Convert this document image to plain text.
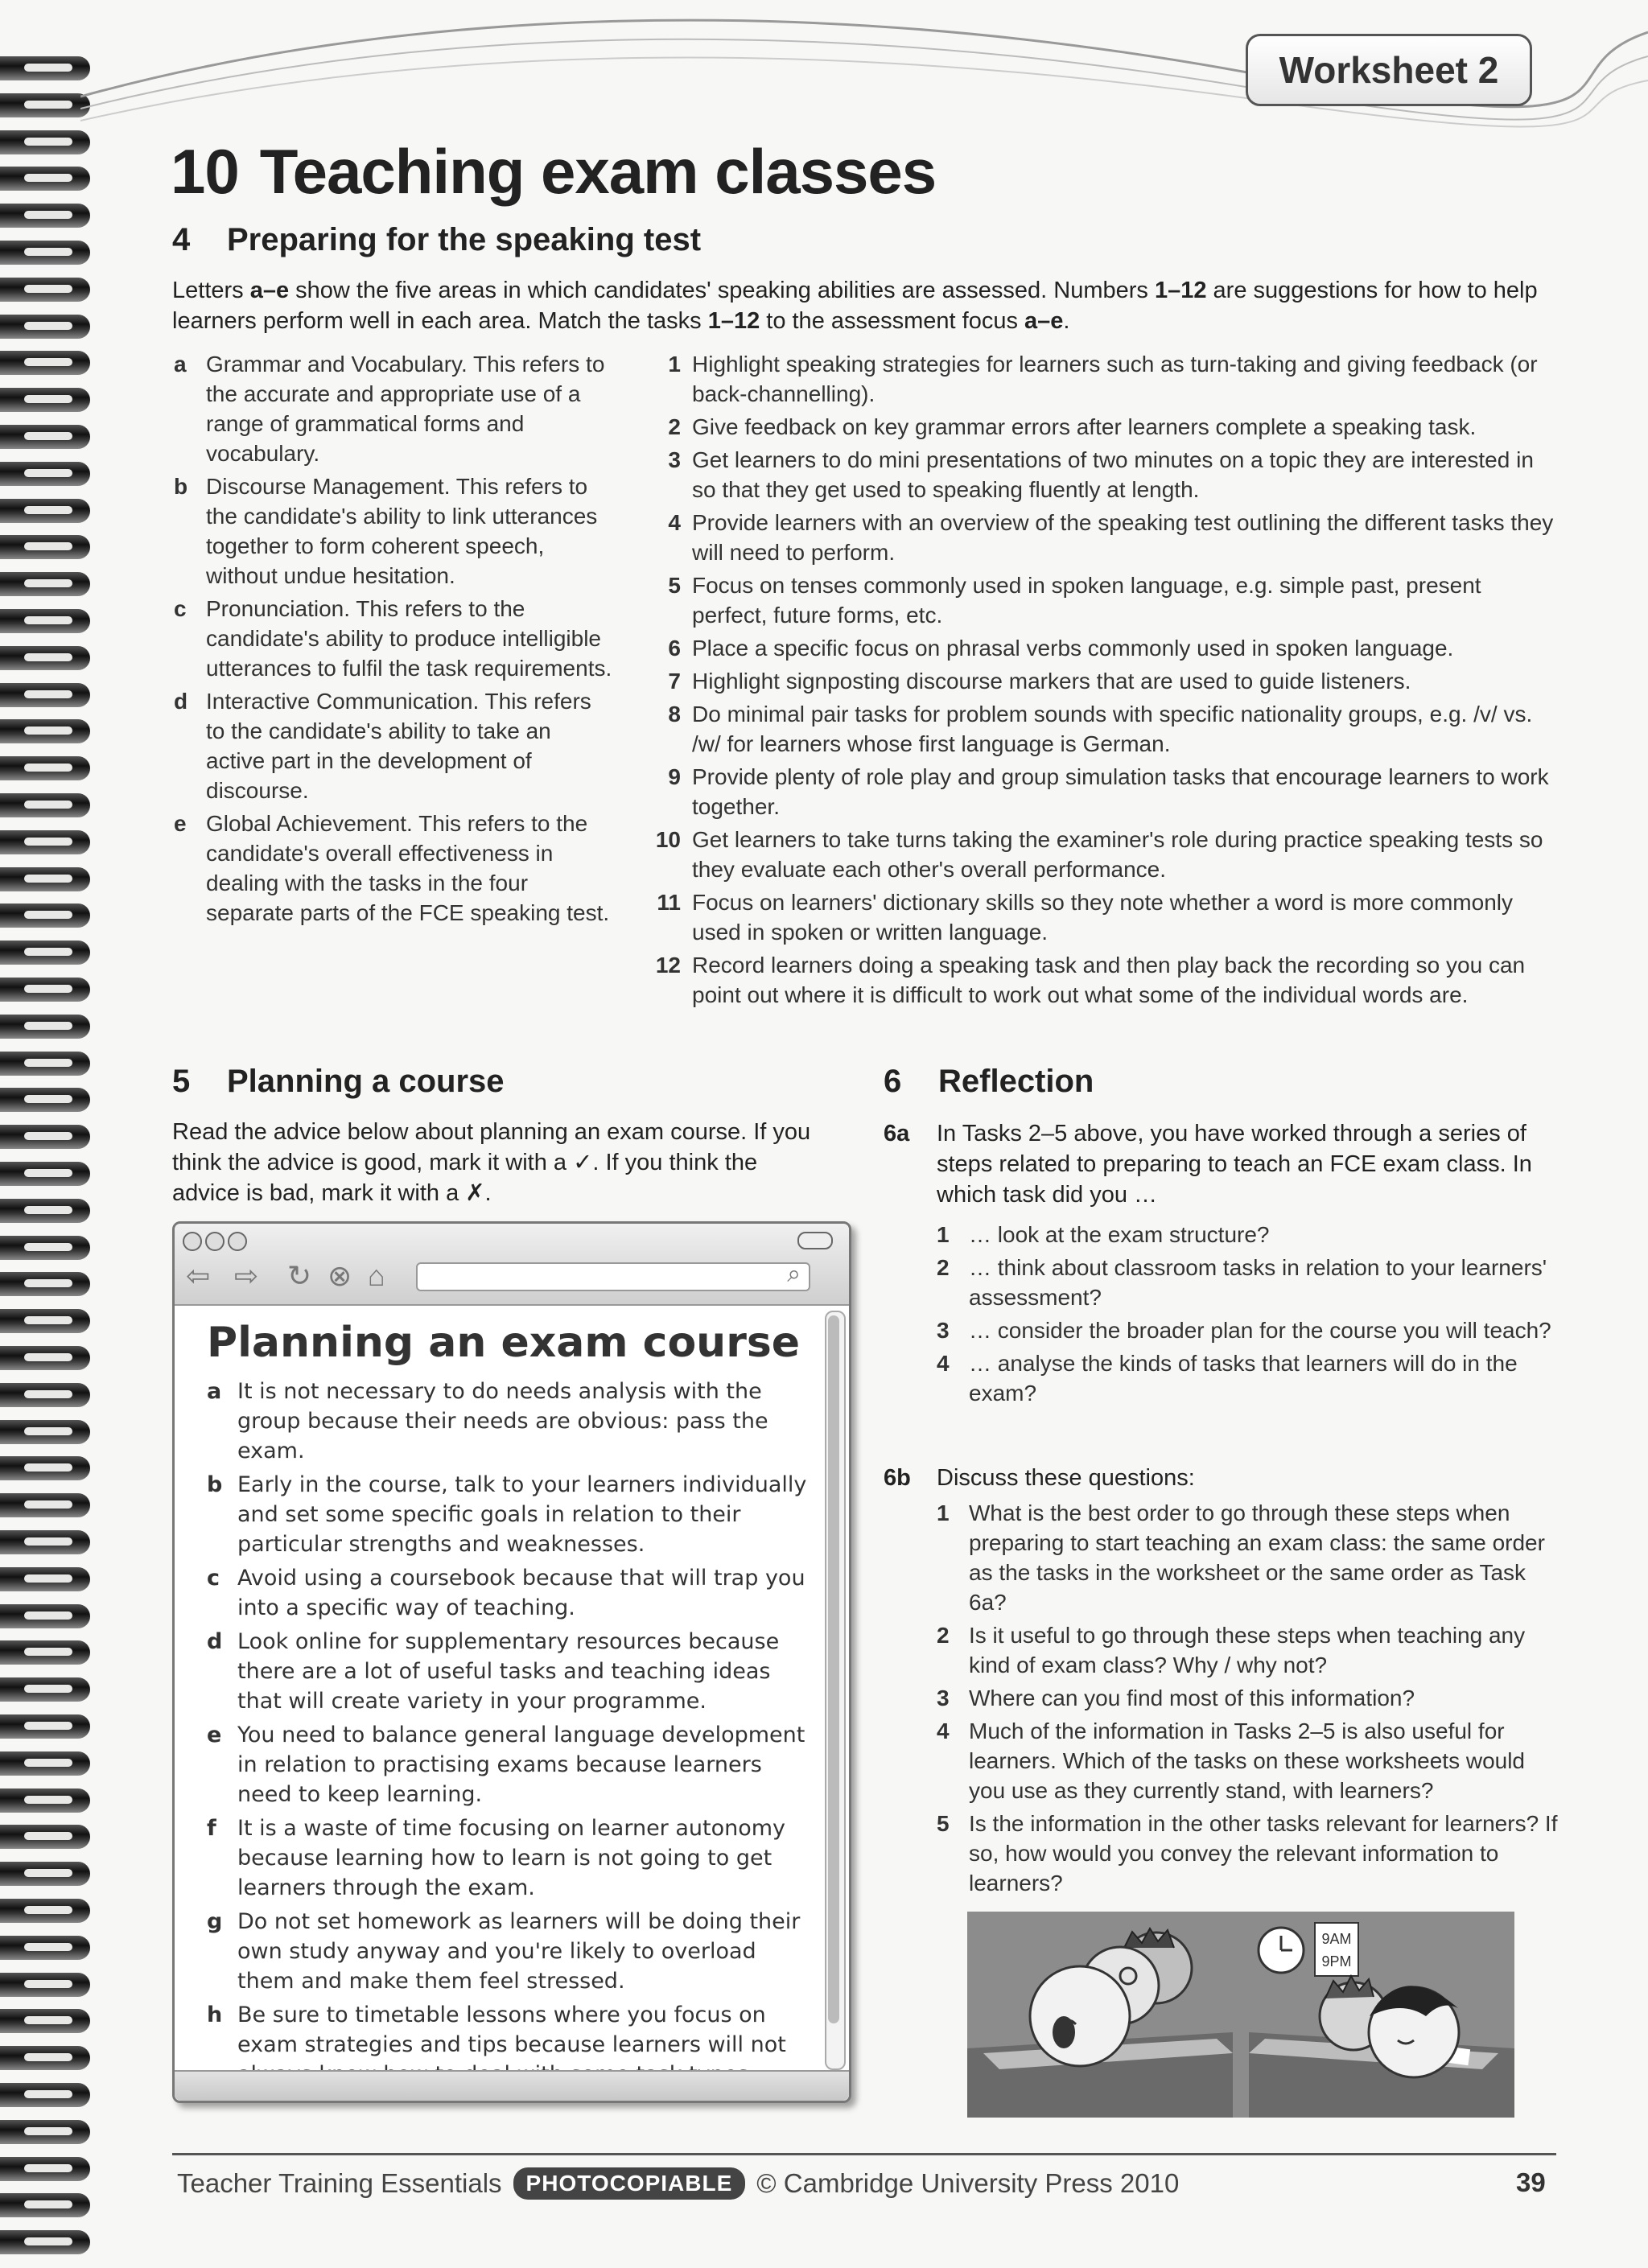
Worksheet 2
10 Teaching exam classes
4 Preparing for the speaking test
Letters a–e show the five areas in which candidates' speaking abilities are assessed. Numbers 1–12 are suggestions for how to help learners perform well in each area. Match the tasks 1–12 to the assessment focus a–e.
a Grammar and Vocabulary. This refers to the accurate and appropriate use of a range of grammatical forms and vocabulary.
b Discourse Management. This refers to the candidate's ability to link utterances together to form coherent speech, without undue hesitation.
c Pronunciation. This refers to the candidate's ability to produce intelligible utterances to fulfil the task requirements.
d Interactive Communication. This refers to the candidate's ability to take an active part in the development of discourse.
e Global Achievement. This refers to the candidate's overall effectiveness in dealing with the tasks in the four separate parts of the FCE speaking test.
1 Highlight speaking strategies for learners such as turn-taking and giving feedback (or back-channelling).
2 Give feedback on key grammar errors after learners complete a speaking task.
3 Get learners to do mini presentations of two minutes on a topic they are interested in so that they get used to speaking fluently at length.
4 Provide learners with an overview of the speaking test outlining the different tasks they will need to perform.
5 Focus on tenses commonly used in spoken language, e.g. simple past, present perfect, future forms, etc.
6 Place a specific focus on phrasal verbs commonly used in spoken language.
7 Highlight signposting discourse markers that are used to guide listeners.
8 Do minimal pair tasks for problem sounds with specific nationality groups, e.g. /v/ vs. /w/ for learners whose first language is German.
9 Provide plenty of role play and group simulation tasks that encourage learners to work together.
10 Get learners to take turns taking the examiner's role during practice speaking tests so they evaluate each other's overall performance.
11 Focus on learners' dictionary skills so they note whether a word is more commonly used in spoken or written language.
12 Record learners doing a speaking task and then play back the recording so you can point out where it is difficult to work out what some of the individual words are.
5 Planning a course
Read the advice below about planning an exam course. If you think the advice is good, mark it with a ✓. If you think the advice is bad, mark it with a ✗.
⇦ ⇨ ↻ ⊗ ⌂	⌕
Planning an exam course
a It is not necessary to do needs analysis with the group because their needs are obvious: pass the exam.
b Early in the course, talk to your learners individually and set some specific goals in relation to their particular strengths and weaknesses.
c Avoid using a coursebook because that will trap you into a specific way of teaching.
d Look online for supplementary resources because there are a lot of useful tasks and teaching ideas that will create variety in your programme.
e You need to balance general language development in relation to practising exams because learners need to keep learning.
f It is a waste of time focusing on learner autonomy because learning how to learn is not going to get learners through the exam.
g Do not set homework as learners will be doing their own study anyway and you're likely to overload them and make them feel stressed.
h Be sure to timetable lessons where you focus on exam strategies and tips because learners will not
6 Reflection
6a In Tasks 2–5 above, you have worked through a series of steps related to preparing to teach an FCE exam class. In which task did you …
1 … look at the exam structure?
2 … think about classroom tasks in relation to your learners' assessment?
3 … consider the broader plan for the course you will teach?
4 … analyse the kinds of tasks that learners will do in the exam?
6b Discuss these questions:
1 What is the best order to go through these steps when preparing to start teaching an exam class: the same order as the tasks in the worksheet or the same order as Task 6a?
2 Is it useful to go through these steps when teaching any kind of exam class? Why / why not?
3 Where can you find most of this information?
4 Much of the information in Tasks 2–5 is also useful for learners. Which of the tasks on these worksheets would you use as they currently stand, with learners?
5 Is the information in the other tasks relevant for learners? If so, how would you convey the relevant information to learners?
9AM
9PM
Teacher Training Essentials	PHOTOCOPIABLE © Cambridge University Press 2010	39
